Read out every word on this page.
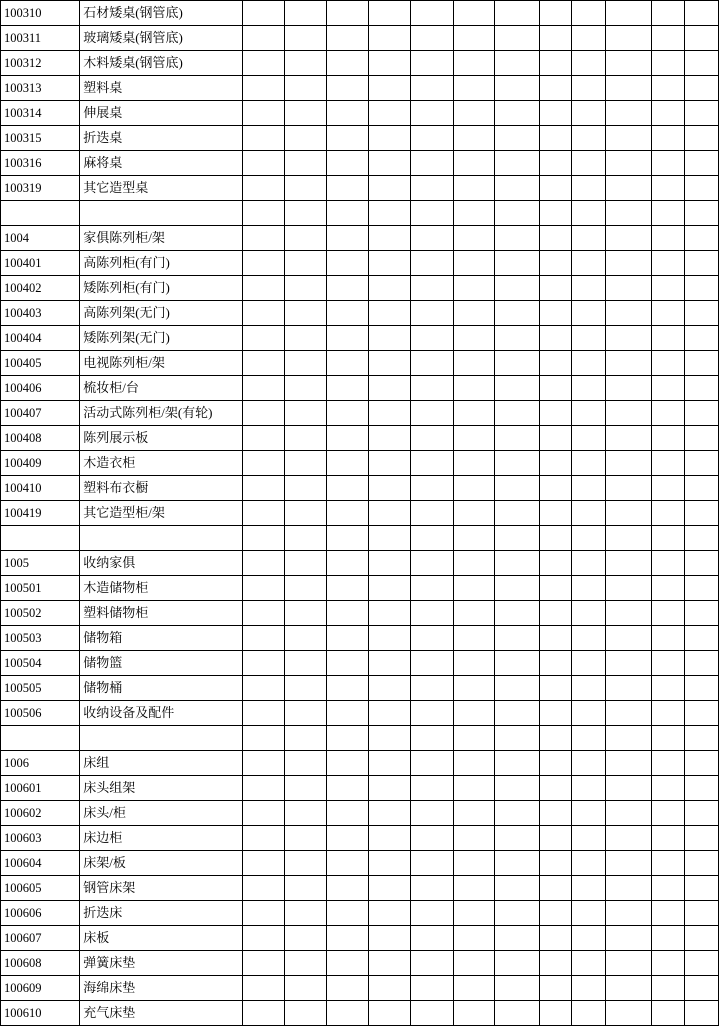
100310	石材矮桌(钢管底)												
100311	玻璃矮桌(钢管底)												
100312	木料矮桌(钢管底)												
100313	塑料桌												
100314	伸展桌												
100315	折迭桌												
100316	麻将桌												
100319	其它造型桌												

1004	家俱陈列柜/架												
100401	高陈列柜(有门)												
100402	矮陈列柜(有门)												
100403	高陈列架(无门)												
100404	矮陈列架(无门)												
100405	电视陈列柜/架												
100406	梳妆柜/台												
100407	活动式陈列柜/架(有轮)												
100408	陈列展示板												
100409	木造衣柜												
100410	塑料布衣橱												
100419	其它造型柜/架												

1005	收纳家俱												
100501	木造储物柜												
100502	塑料储物柜												
100503	储物箱												
100504	储物篮												
100505	储物桶												
100506	收纳设备及配件												

1006	床组												
100601	床头组架												
100602	床头/柜												
100603	床边柜												
100604	床架/板												
100605	钢管床架												
100606	折迭床												
100607	床板												
100608	弹簧床垫												
100609	海绵床垫												
100610	充气床垫												
